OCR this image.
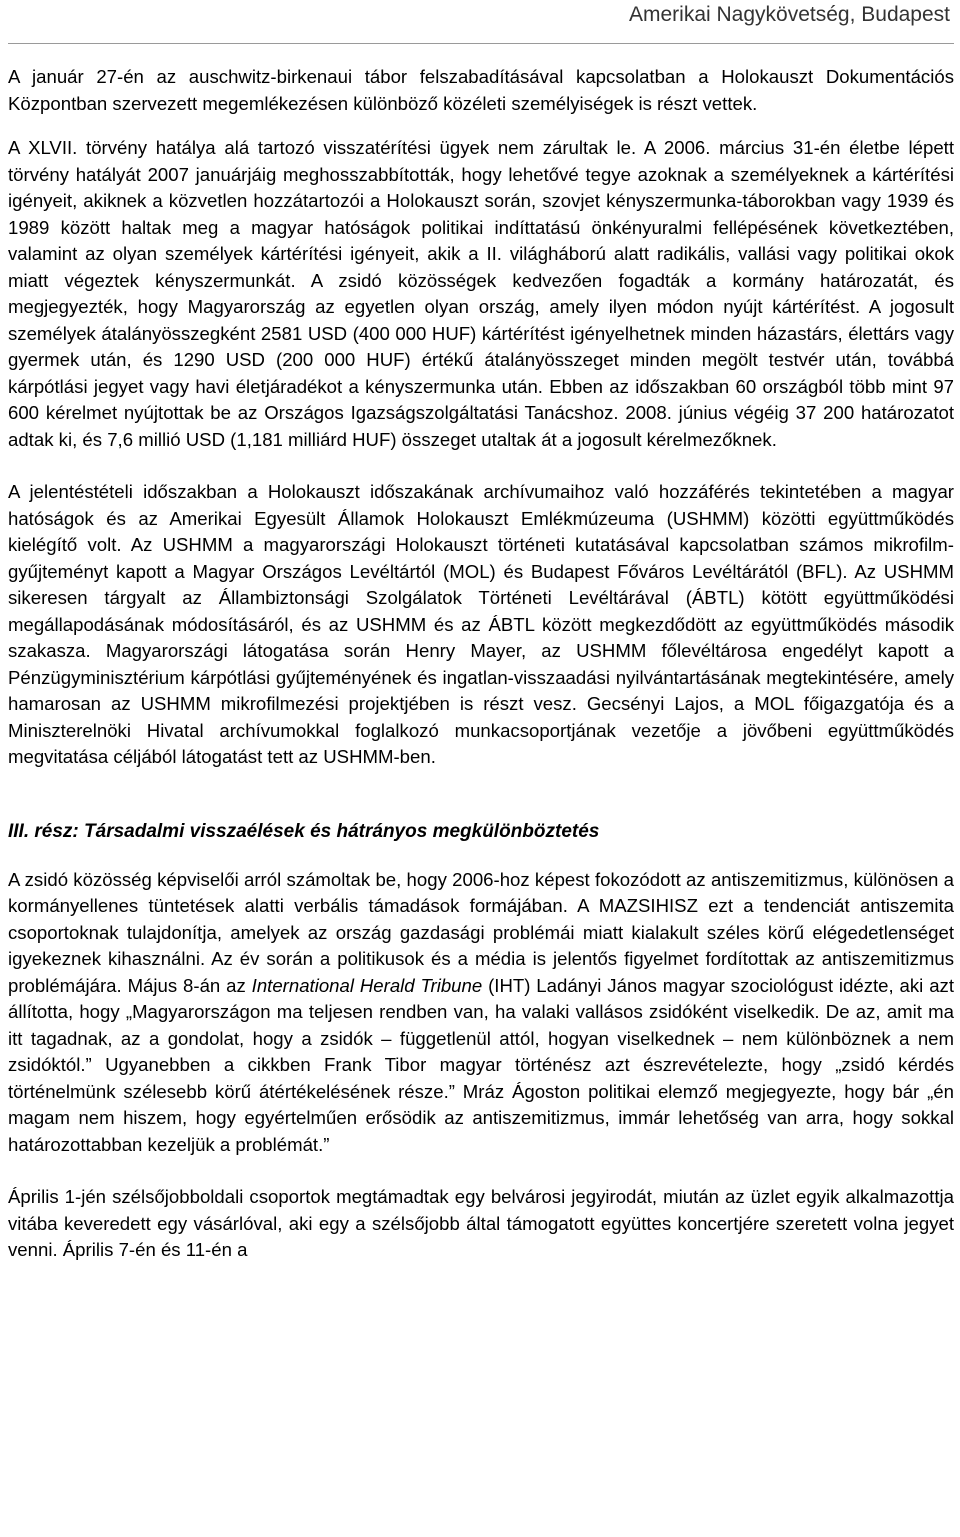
Amerikai Nagykövetség, Budapest

A január 27-én az auschwitz-birkenaui tábor felszabadításával kapcsolatban a Holokauszt Dokumentációs Központban szervezett megemlékezésen különböző közéleti személyiségek is részt vettek.

A XLVII. törvény hatálya alá tartozó visszatérítési ügyek nem zárultak le. A 2006. március 31-én életbe lépett törvény hatályát 2007 januárjáig meghosszabbították, hogy lehetővé tegye azoknak a személyeknek a kártérítési igényeit, akiknek a közvetlen hozzátartozói a Holokauszt során, szovjet kényszermunka-táborokban vagy 1939 és 1989 között haltak meg a magyar hatóságok politikai indíttatású önkényuralmi fellépésének következtében, valamint az olyan személyek kártérítési igényeit, akik a II. világháború alatt radikális, vallási vagy politikai okok miatt végeztek kényszermunkát. A zsidó közösségek kedvezően fogadták a kormány határozatát, és megjegyezték, hogy Magyarország az egyetlen olyan ország, amely ilyen módon nyújt kártérítést. A jogosult személyek átalányösszegként 2581 USD (400 000 HUF) kártérítést igényelhetnek minden házastárs, élettárs vagy gyermek után, és 1290 USD (200 000 HUF) értékű átalányösszeget minden megölt testvér után, továbbá kárpótlási jegyet vagy havi életjáradékot a kényszermunka után. Ebben az időszakban 60 országból több mint 97 600 kérelmet nyújtottak be az Országos Igazságszolgáltatási Tanácshoz. 2008. június végéig 37 200 határozatot adtak ki, és 7,6 millió USD (1,181 milliárd HUF) összeget utaltak át a jogosult kérelmezőknek.

A jelentéstételi időszakban a Holokauszt időszakának archívumaihoz való hozzáférés tekintetében a magyar hatóságok és az Amerikai Egyesült Államok Holokauszt Emlékmúzeuma (USHMM) közötti együttműködés kielégítő volt. Az USHMM a magyarországi Holokauszt történeti kutatásával kapcsolatban számos mikrofilm-gyűjteményt kapott a Magyar Országos Levéltártól (MOL) és Budapest Főváros Levéltárától (BFL). Az USHMM sikeresen tárgyalt az Állambiztonsági Szolgálatok Történeti Levéltárával (ÁBTL) kötött együttműködési megállapodásának módosításáról, és az USHMM és az ÁBTL között megkezdődött az együttműködés második szakasza. Magyarországi látogatása során Henry Mayer, az USHMM főlevéltárosa engedélyt kapott a Pénzügyminisztérium kárpótlási gyűjteményének és ingatlan-visszaadási nyilvántartásának megtekintésére, amely hamarosan az USHMM mikrofilmezési projektjében is részt vesz. Gecsényi Lajos, a MOL főigazgatója és a Miniszterelnöki Hivatal archívumokkal foglalkozó munkacsoportjának vezetője a jövőbeni együttműködés megvitatása céljából látogatást tett az USHMM-ben.

III. rész: Társadalmi visszaélések és hátrányos megkülönböztetés

A zsidó közösség képviselői arról számoltak be, hogy 2006-hoz képest fokozódott az antiszemitizmus, különösen a kormányellenes tüntetések alatti verbális támadások formájában. A MAZSIHISZ ezt a tendenciát antiszemita csoportoknak tulajdonítja, amelyek az ország gazdasági problémái miatt kialakult széles körű elégedetlenséget igyekeznek kihasználni. Az év során a politikusok és a média is jelentős figyelmet fordítottak az antiszemitizmus problémájára. Május 8-án az International Herald Tribune (IHT) Ladányi János magyar szociológust idézte, aki azt állította, hogy „Magyarországon ma teljesen rendben van, ha valaki vallásos zsidóként viselkedik. De az, amit ma itt tagadnak, az a gondolat, hogy a zsidók – függetlenül attól, hogyan viselkednek – nem különböznek a nem zsidóktól.” Ugyanebben a cikkben Frank Tibor magyar történész azt észrevételezte, hogy „zsidó kérdés történelmünk szélesebb körű átértékelésének része.” Mráz Ágoston politikai elemző megjegyezte, hogy bár „én magam nem hiszem, hogy egyértelműen erősödik az antiszemitizmus, immár lehetőség van arra, hogy sokkal határozottabban kezeljük a problémát.”

Április 1-jén szélsőjobboldali csoportok megtámadtak egy belvárosi jegyirodát, miután az üzlet egyik alkalmazottja vitába keveredett egy vásárlóval, aki egy a szélsőjobb által támogatott együttes koncertjére szeretett volna jegyet venni. Április 7-én és 11-én a
